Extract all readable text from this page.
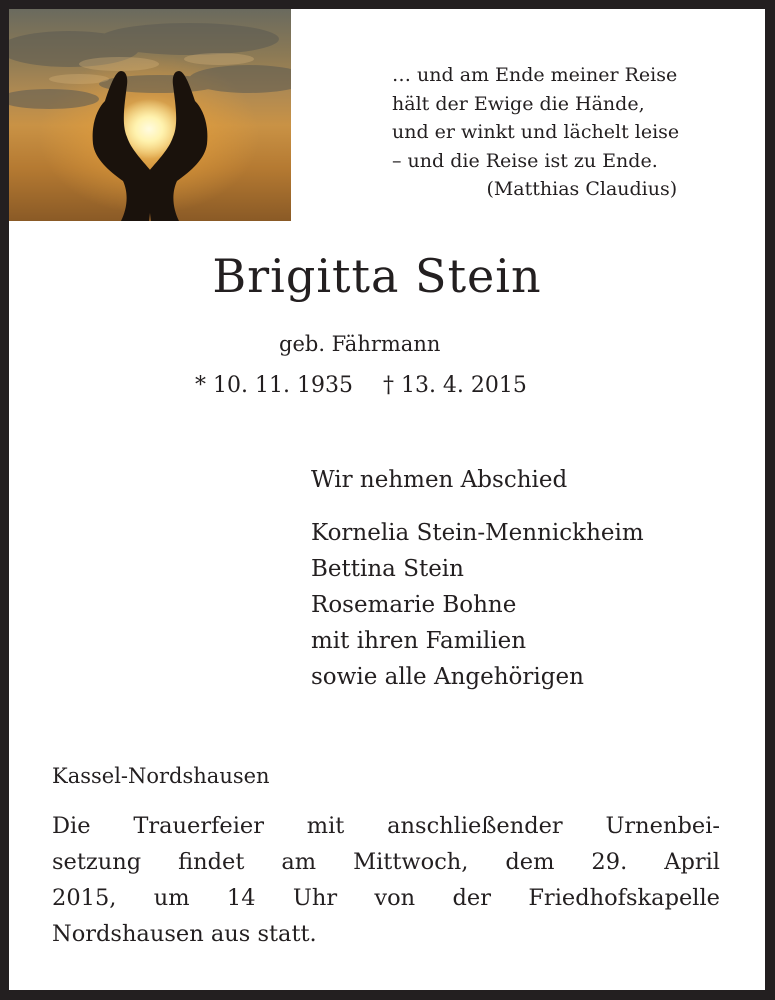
… und am Ende meiner Reise
hält der Ewige die Hände,
und er winkt und lächelt leise
– und die Reise ist zu Ende.
(Matthias Claudius)
Brigitta Stein
geb. Fährmann
* 10. 11. 1935 † 13. 4. 2015
Wir nehmen Abschied
Kornelia Stein-Mennickheim
Bettina Stein
Rosemarie Bohne
mit ihren Familien
sowie alle Angehörigen
Kassel-Nordshausen
Die Trauerfeier mit anschließender Urnenbei-
setzung findet am Mittwoch, dem 29. April
2015, um 14 Uhr von der Friedhofskapelle
Nordshausen aus statt.
